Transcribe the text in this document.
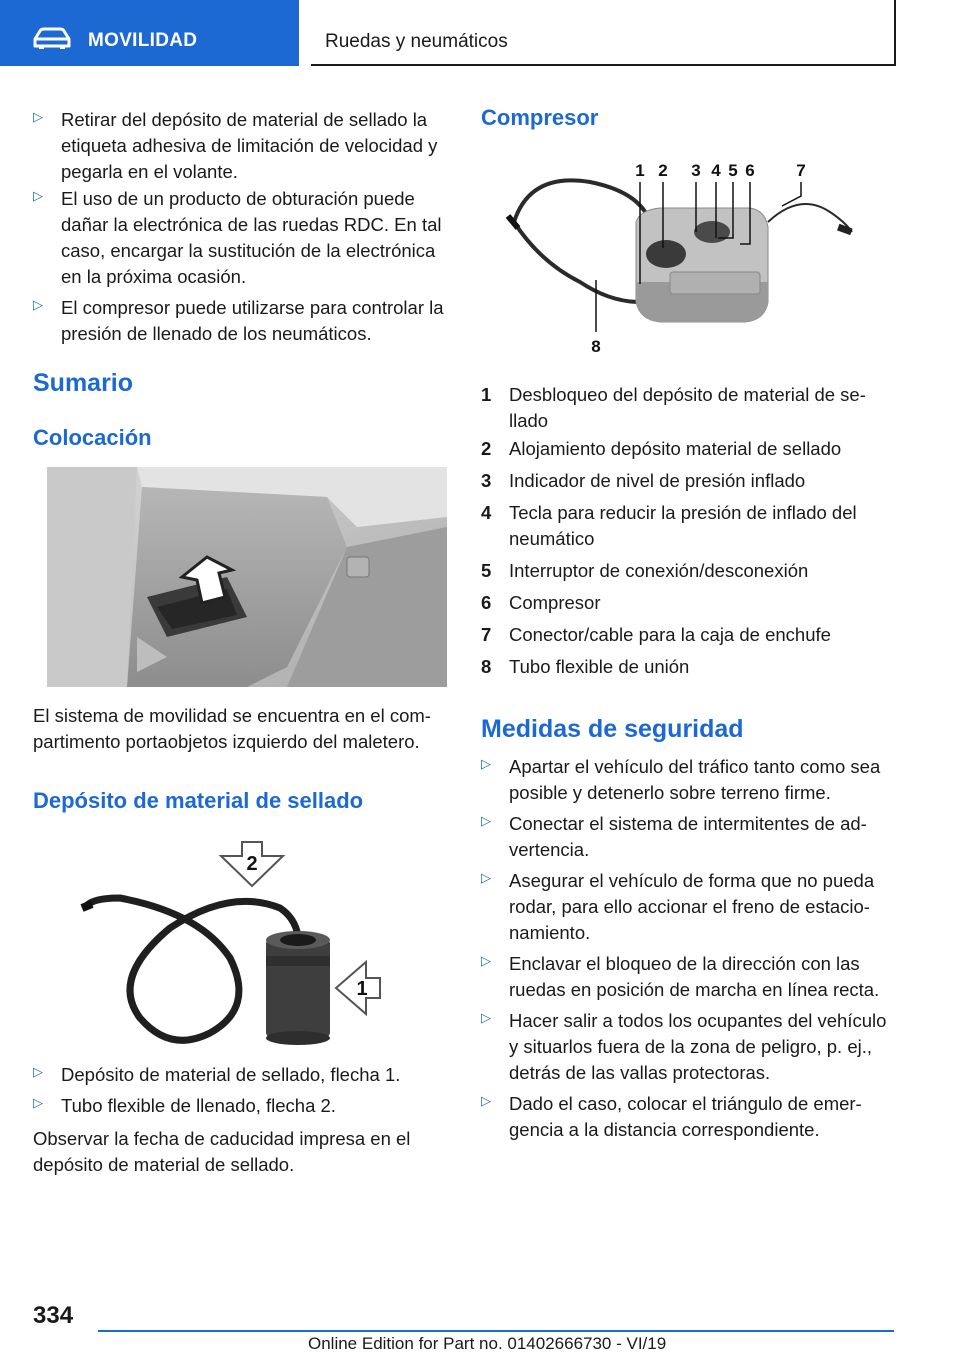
MOVILIDAD	Ruedas y neumáticos
▷ Retirar del depósito de material de sellado la etiqueta adhesiva de limitación de velocidad y pegarla en el volante.
▷ El uso de un producto de obturación puede dañar la electrónica de las ruedas RDC. En tal caso, encargar la sustitución de la electrónica en la próxima ocasión.
▷ El compresor puede utilizarse para controlar la presión de llenado de los neumáticos.
Sumario
Colocación
El sistema de movilidad se encuentra en el com‐partimento portaobjetos izquierdo del maletero.
Depósito de material de sellado
2
1
▷ Depósito de material de sellado, flecha 1.
▷ Tubo flexible de llenado, flecha 2.
Observar la fecha de caducidad impresa en el depósito de material de sellado.
Compresor
1 2 3 4 5 6 7
8
1 Desbloqueo del depósito de material de se‐llado
2 Alojamiento depósito material de sellado
3 Indicador de nivel de presión inflado
4 Tecla para reducir la presión de inflado del neumático
5 Interruptor de conexión/desconexión
6 Compresor
7 Conector/cable para la caja de enchufe
8 Tubo flexible de unión
Medidas de seguridad
▷ Apartar el vehículo del tráfico tanto como sea posible y detenerlo sobre terreno firme.
▷ Conectar el sistema de intermitentes de ad‐vertencia.
▷ Asegurar el vehículo de forma que no pueda rodar, para ello accionar el freno de estacio‐namiento.
▷ Enclavar el bloqueo de la dirección con las ruedas en posición de marcha en línea recta.
▷ Hacer salir a todos los ocupantes del vehículo y situarlos fuera de la zona de peligro, p. ej., detrás de las vallas protectoras.
▷ Dado el caso, colocar el triángulo de emer‐gencia a la distancia correspondiente.
334
Online Edition for Part no. 01402666730 - VI/19
